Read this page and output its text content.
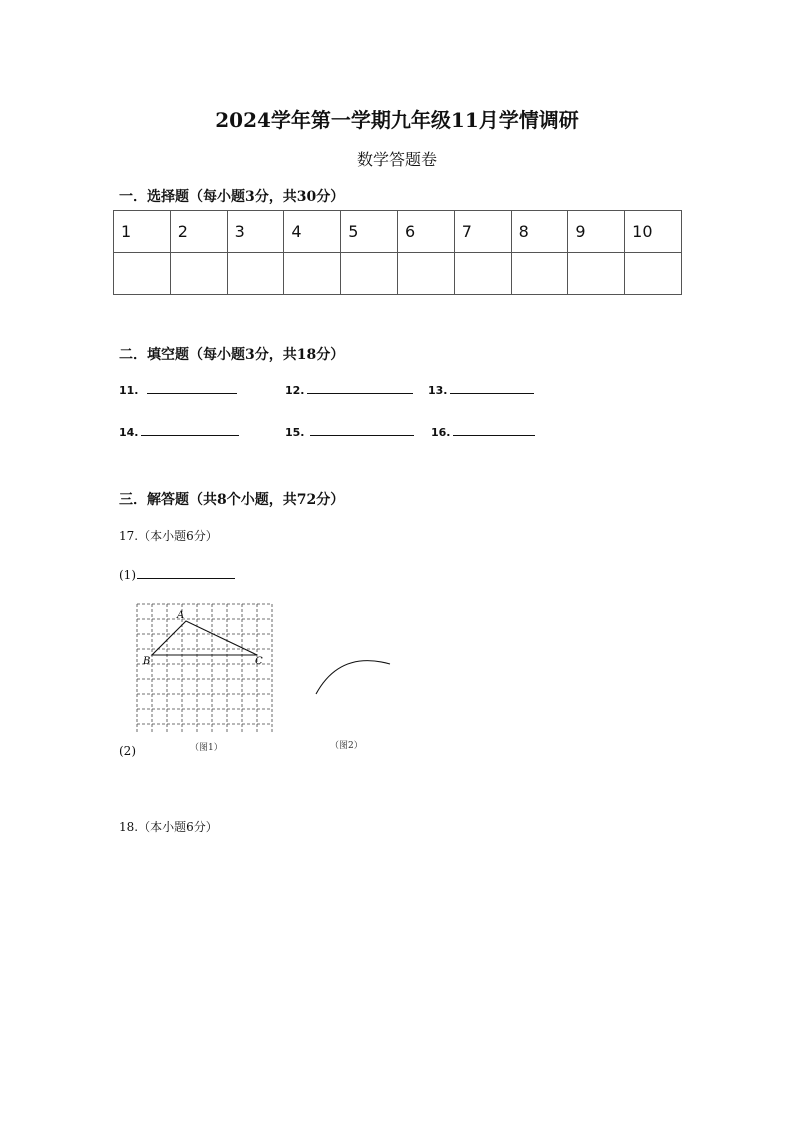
2024学年第一学期九年级11月学情调研
数学答题卷
一．选择题（每小题3分，共30分）
1	2	3	4	5	6	7	8	9	10

二．填空题（每小题3分，共18分）
11.	12.	13.
14.	15.	16.
三．解答题（共8个小题，共72分）
17.（本小题6分）
(1)
A
B	C
（图1）	（图2）
(2)
18.（本小题6分）
